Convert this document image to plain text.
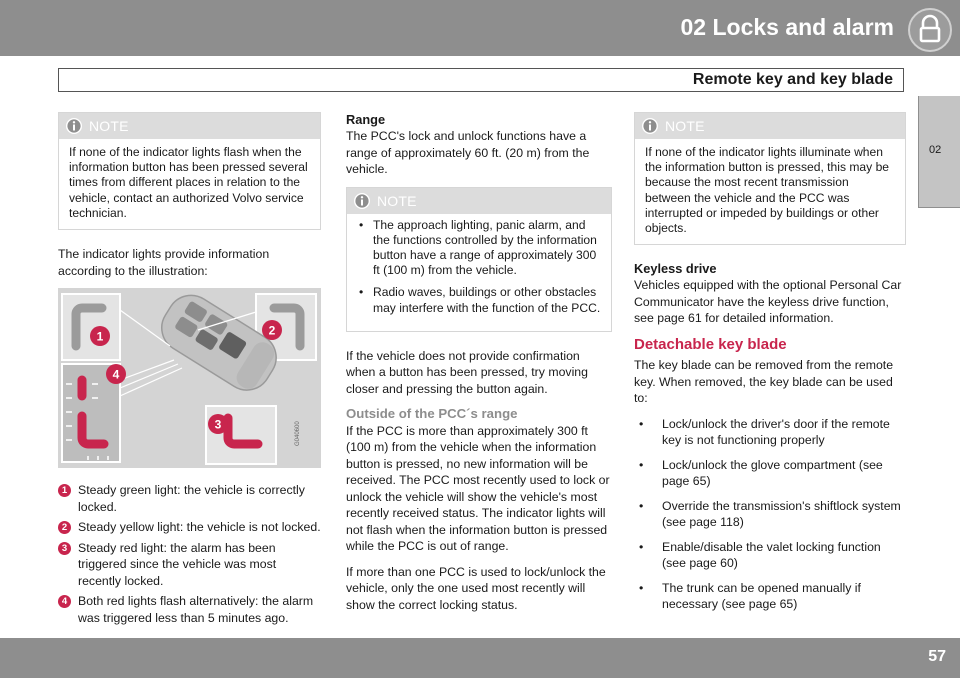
02 Locks and alarm
Remote key and key blade
02
NOTE
If none of the indicator lights flash when the information button has been pressed several times from different places in relation to the vehicle, contact an authorized Volvo service technician.
The indicator lights provide information according to the illustration:
1	2
3
4
G040600
1 Steady green light: the vehicle is correctly locked.
2 Steady yellow light: the vehicle is not locked.
3 Steady red light: the alarm has been triggered since the vehicle was most recently locked.
4 Both red lights flash alternatively: the alarm was triggered less than 5 minutes ago.
Range
The PCC's lock and unlock functions have a range of approximately 60 ft. (20 m) from the vehicle.
NOTE
• The approach lighting, panic alarm, and the functions controlled by the information button have a range of approximately 300 ft (100 m) from the vehicle.
• Radio waves, buildings or other obstacles may interfere with the function of the PCC.
If the vehicle does not provide confirmation when a button has been pressed, try moving closer and pressing the button again.
Outside of the PCC´s range
If the PCC is more than approximately 300 ft (100 m) from the vehicle when the information button is pressed, no new information will be received. The PCC most recently used to lock or unlock the vehicle will show the vehicle's most recently received status. The indicator lights will not flash when the information button is pressed while the PCC is out of range.
If more than one PCC is used to lock/unlock the vehicle, only the one used most recently will show the correct locking status.
NOTE
If none of the indicator lights illuminate when the information button is pressed, this may be because the most recent transmission between the vehicle and the PCC was interrupted or impeded by buildings or other objects.
Keyless drive
Vehicles equipped with the optional Personal Car Communicator have the keyless drive function, see page 61 for detailed information.
Detachable key blade
The key blade can be removed from the remote key. When removed, the key blade can be used to:
• Lock/unlock the driver's door if the remote key is not functioning properly
• Lock/unlock the glove compartment (see page 65)
• Override the transmission's shiftlock system (see page 118)
• Enable/disable the valet locking function (see page 60)
• The trunk can be opened manually if necessary (see page 65)
57
